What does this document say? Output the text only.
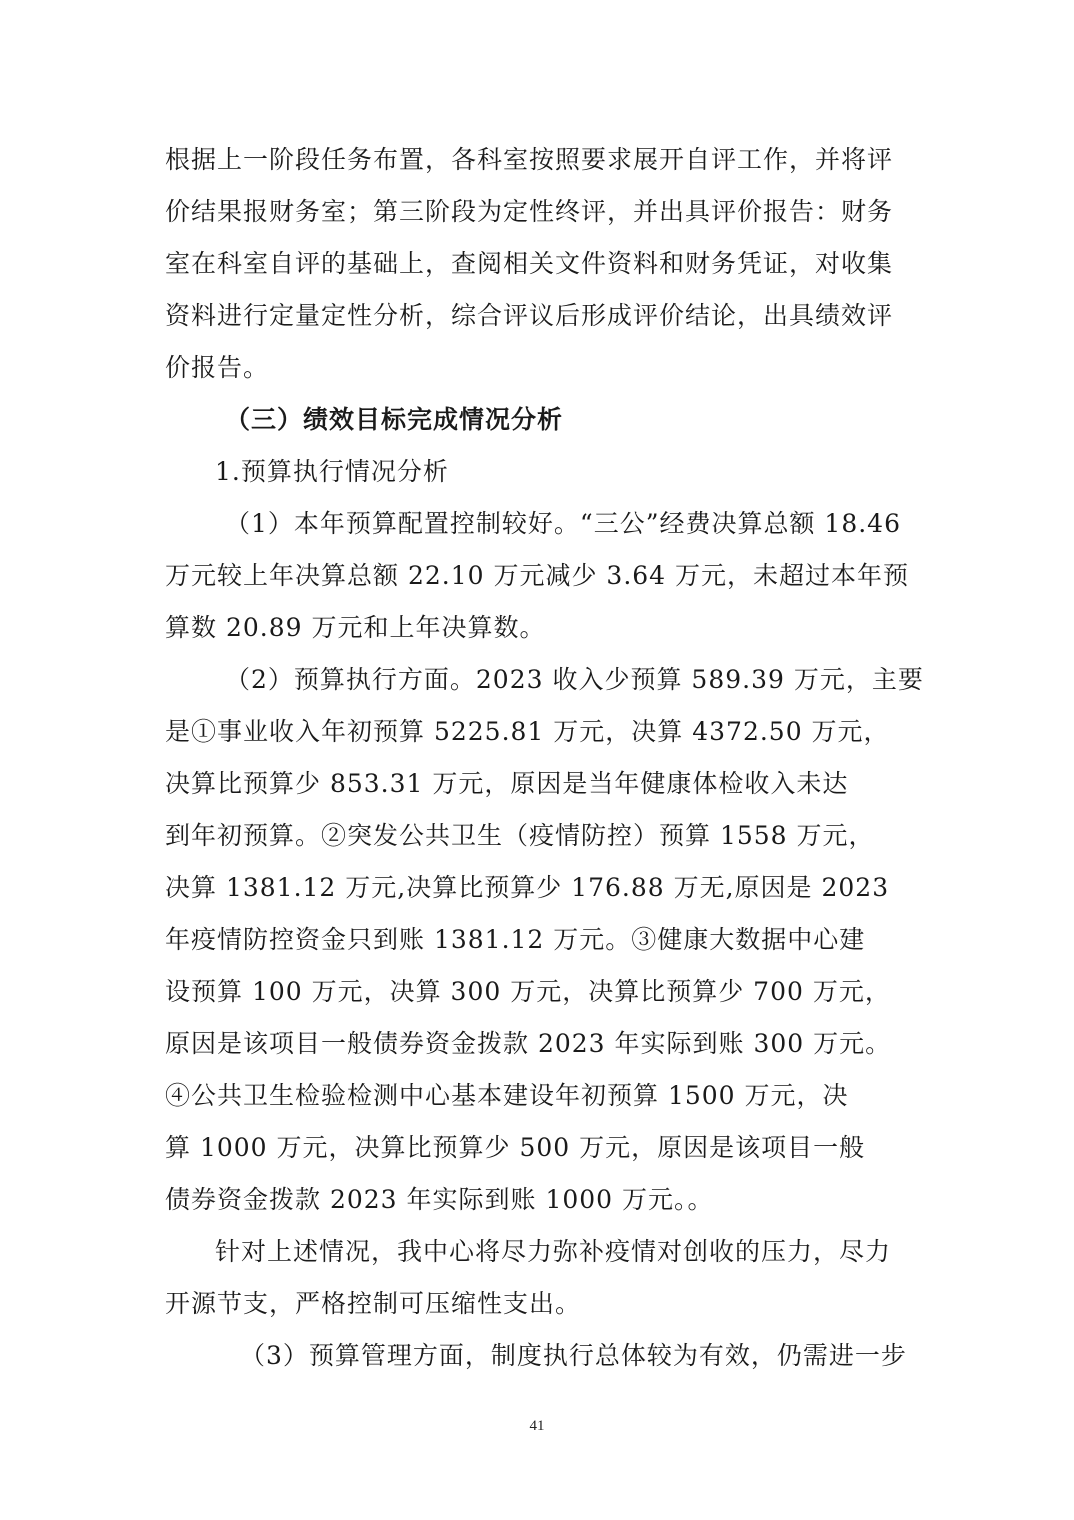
根据上一阶段任务布置，各科室按照要求展开自评工作，并将评
价结果报财务室；第三阶段为定性终评，并出具评价报告：财务
室在科室自评的基础上，查阅相关文件资料和财务凭证，对收集
资料进行定量定性分析，综合评议后形成评价结论，出具绩效评
价报告。
（三）绩效目标完成情况分析
1.预算执行情况分析
（1）本年预算配置控制较好。“三公”经费决算总额 18.46
万元较上年决算总额 22.10 万元减少 3.64 万元，未超过本年预
算数 20.89 万元和上年决算数。
（2）预算执行方面。2023 收入少预算 589.39 万元，主要
是①事业收入年初预算 5225.81 万元，决算 4372.50 万元，
决算比预算少 853.31 万元，原因是当年健康体检收入未达
到年初预算。②突发公共卫生（疫情防控）预算 1558 万元，
决算 1381.12 万元,决算比预算少 176.88 万无,原因是 2023
年疫情防控资金只到账 1381.12 万元。③健康大数据中心建
设预算 100 万元，决算 300 万元，决算比预算少 700 万元，
原因是该项目一般债券资金拨款 2023 年实际到账 300 万元。
④公共卫生检验检测中心基本建设年初预算 1500 万元，决
算 1000 万元，决算比预算少 500 万元，原因是该项目一般
债券资金拨款 2023 年实际到账 1000 万元。。
针对上述情况，我中心将尽力弥补疫情对创收的压力，尽力
开源节支，严格控制可压缩性支出。
（3）预算管理方面，制度执行总体较为有效，仍需进一步
41
